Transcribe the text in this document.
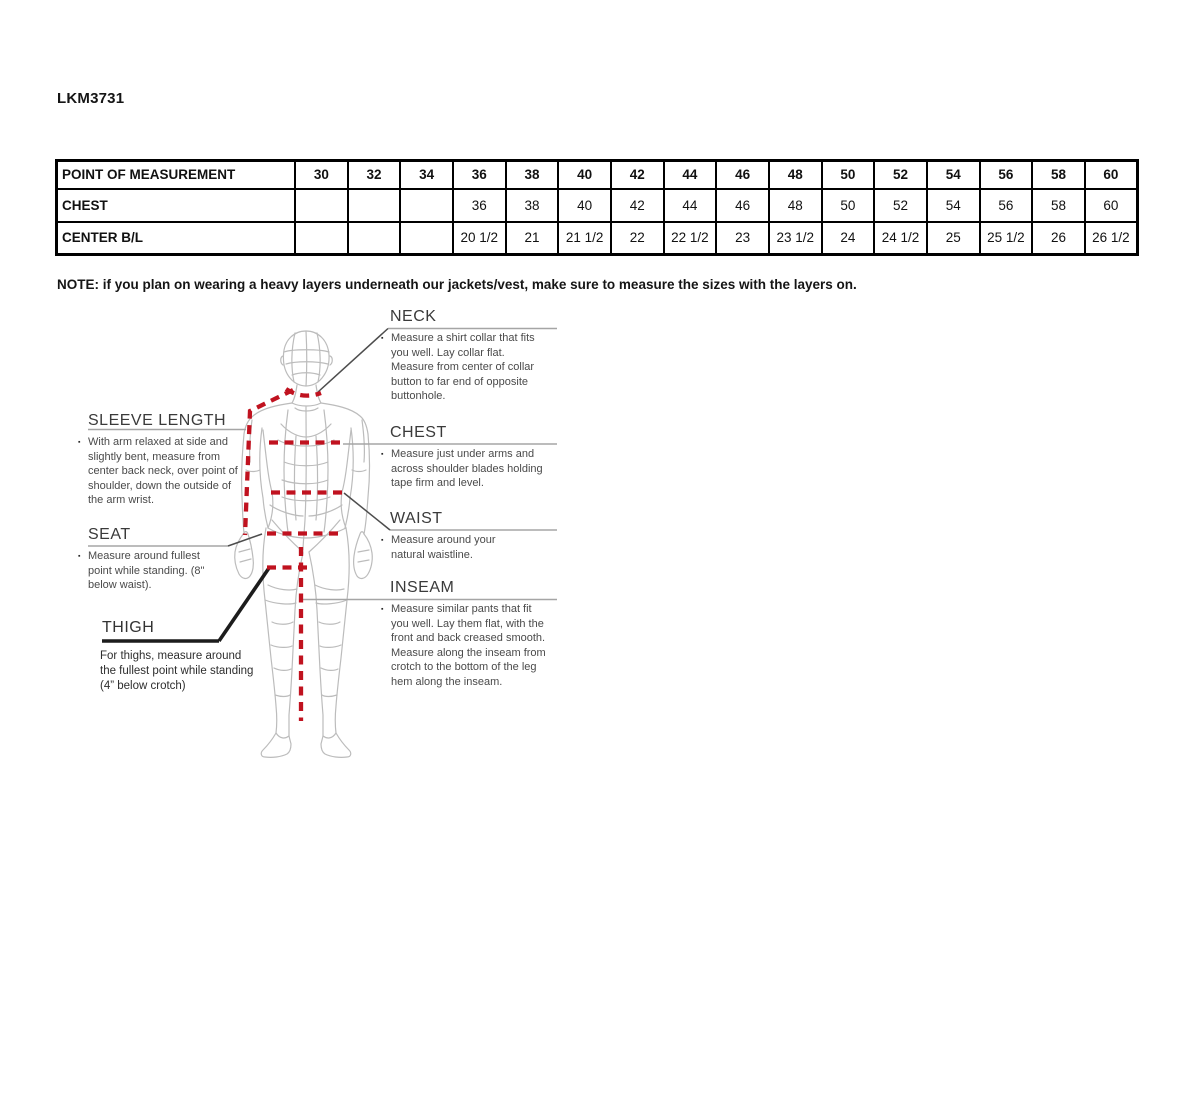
LKM3731
POINT OF MEASUREMENT	30	32	34	36	38	40	42	44	46	48	50	52	54	56	58	60
CHEST				36	38	40	42	44	46	48	50	52	54	56	58	60
CENTER B/L				20 1/2	21	21 1/2	22	22 1/2	23	23 1/2	24	24 1/2	25	25 1/2	26	26 1/2
NOTE: if you plan on wearing a heavy layers underneath our jackets/vest, make sure to measure the sizes with the layers on.
NECK

▪ Measure a shirt collar that fits you well. Lay collar flat. Measure from center of collar button to far end of opposite buttonhole.

SLEEVE LENGTH

▪ With arm relaxed at side and slightly bent, measure from center back neck, over point of shoulder, down the outside of the arm wrist.

CHEST

▪ Measure just under arms and across shoulder blades holding tape firm and level.

WAIST

▪ Measure around your natural waistline.

SEAT

▪ Measure around fullest point while standing. (8" below waist).

THIGH

For thighs, measure around the fullest point while standing (4” below crotch)

INSEAM

▪ Measure similar pants that fit you well. Lay them flat, with the front and back creased smooth. Measure along the inseam from crotch to the bottom of the leg hem along the inseam.
